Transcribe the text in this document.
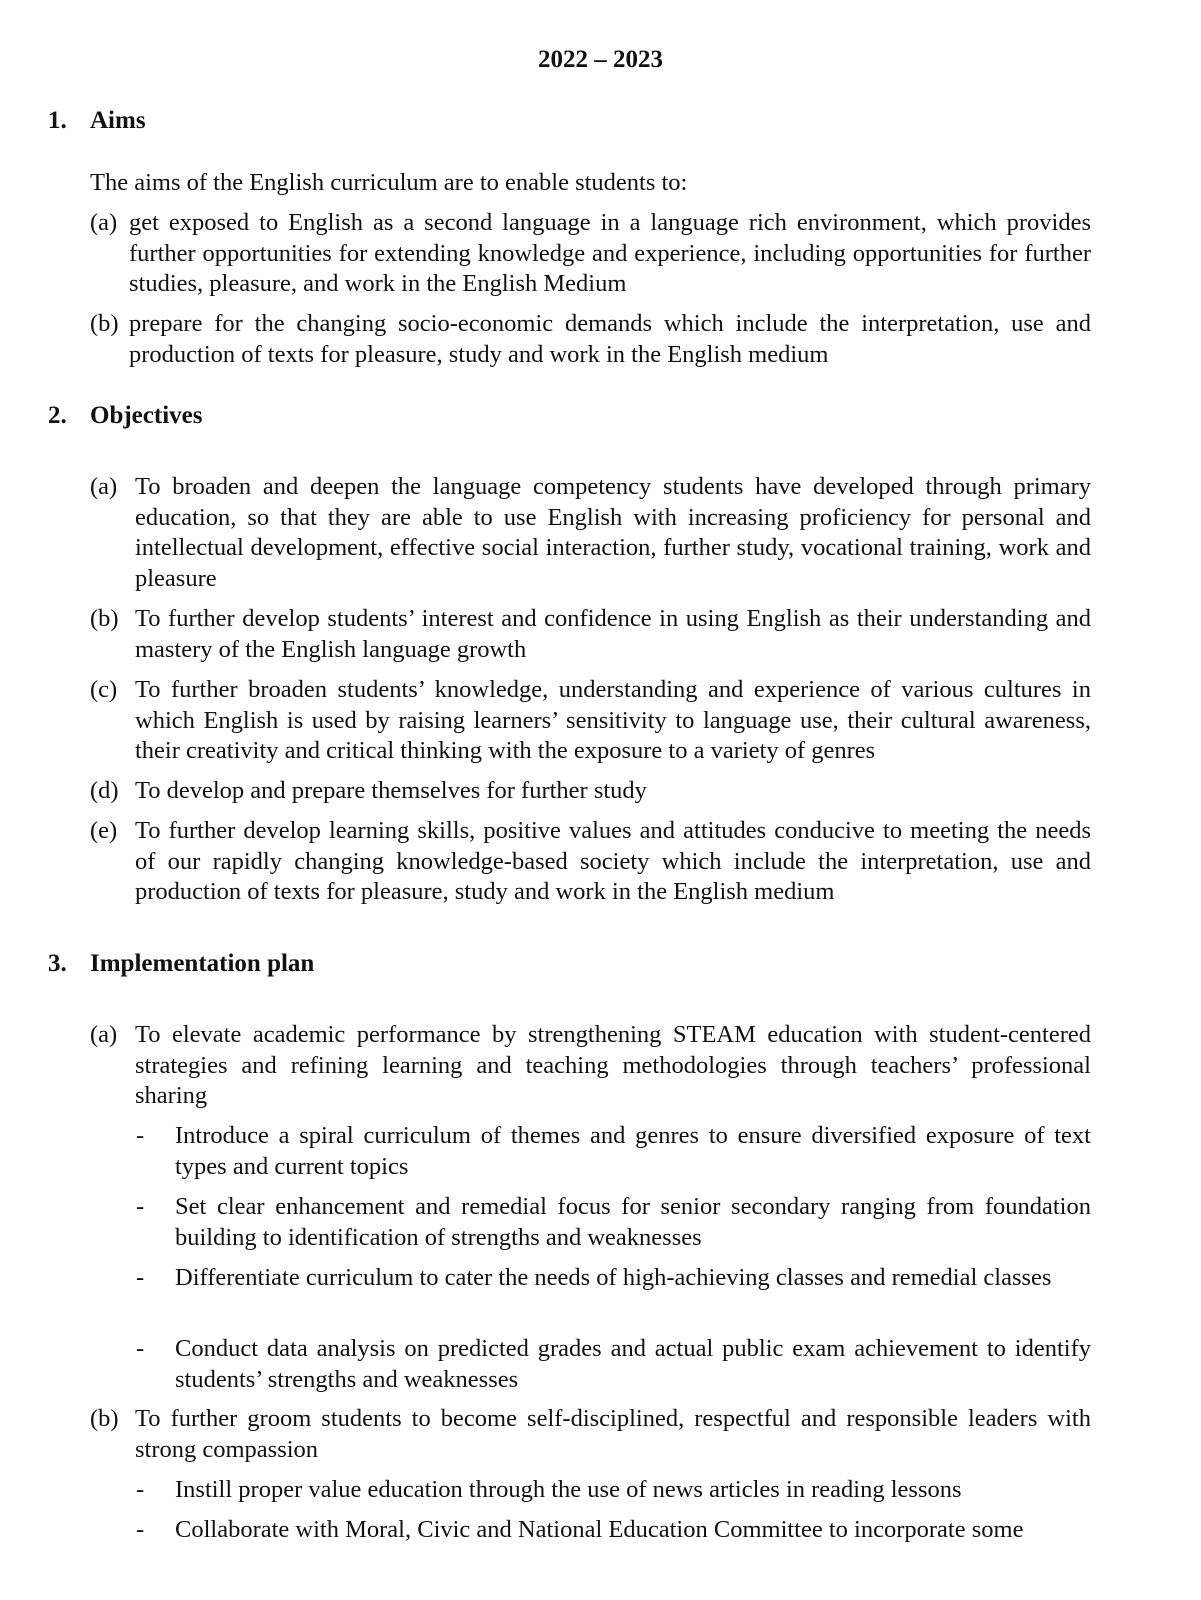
2022 – 2023
1. Aims
The aims of the English curriculum are to enable students to:
(a) get exposed to English as a second language in a language rich environment, which provides further opportunities for extending knowledge and experience, including opportunities for further studies, pleasure, and work in the English Medium
(b) prepare for the changing socio-economic demands which include the interpretation, use and production of texts for pleasure, study and work in the English medium
2. Objectives
(a) To broaden and deepen the language competency students have developed through primary education, so that they are able to use English with increasing proficiency for personal and intellectual development, effective social interaction, further study, vocational training, work and pleasure
(b) To further develop students’ interest and confidence in using English as their understanding and mastery of the English language growth
(c) To further broaden students’ knowledge, understanding and experience of various cultures in which English is used by raising learners’ sensitivity to language use, their cultural awareness, their creativity and critical thinking with the exposure to a variety of genres
(d) To develop and prepare themselves for further study
(e) To further develop learning skills, positive values and attitudes conducive to meeting the needs of our rapidly changing knowledge-based society which include the interpretation, use and production of texts for pleasure, study and work in the English medium
3. Implementation plan
(a) To elevate academic performance by strengthening STEAM education with student-centered strategies and refining learning and teaching methodologies through teachers’ professional sharing
-	Introduce a spiral curriculum of themes and genres to ensure diversified exposure of text types and current topics
-	Set clear enhancement and remedial focus for senior secondary ranging from foundation building to identification of strengths and weaknesses
-	Differentiate curriculum to cater the needs of high-achieving classes and remedial classes
-	Conduct data analysis on predicted grades and actual public exam achievement to identify students’ strengths and weaknesses
(b) To further groom students to become self-disciplined, respectful and responsible leaders with strong compassion
-	Instill proper value education through the use of news articles in reading lessons
-	Collaborate with Moral, Civic and National Education Committee to incorporate some
